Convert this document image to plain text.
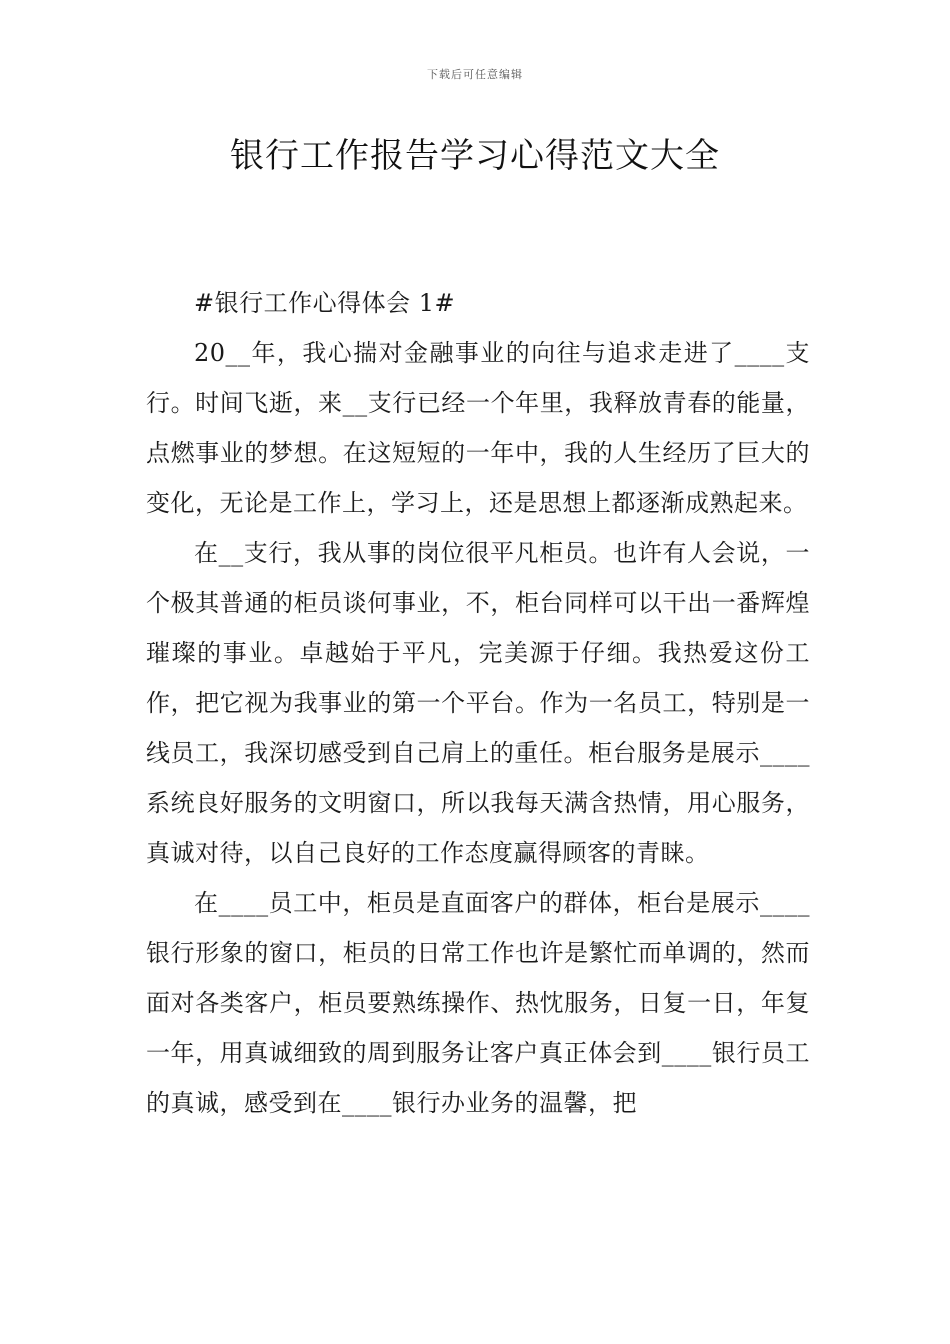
下载后可任意编辑
银行工作报告学习心得范文大全

#银行工作心得体会 1#

20__年，我心揣对金融事业的向往与追求走进了____支行。时间飞逝，来__支行已经一个年里，我释放青春的能量，点燃事业的梦想。在这短短的一年中，我的人生经历了巨大的变化，无论是工作上，学习上，还是思想上都逐渐成熟起来。

在__支行，我从事的岗位很平凡柜员。也许有人会说，一个极其普通的柜员谈何事业，不，柜台同样可以干出一番辉煌璀璨的事业。卓越始于平凡，完美源于仔细。我热爱这份工作，把它视为我事业的第一个平台。作为一名员工，特别是一线员工，我深切感受到自己肩上的重任。柜台服务是展示____系统良好服务的文明窗口，所以我每天满含热情，用心服务，真诚对待，以自己良好的工作态度赢得顾客的青睐。

在____员工中，柜员是直面客户的群体，柜台是展示____银行形象的窗口，柜员的日常工作也许是繁忙而单调的，然而面对各类客户，柜员要熟练操作、热忱服务，日复一日，年复一年，用真诚细致的周到服务让客户真正体会到____银行员工的真诚，感受到在____银行办业务的温馨，把
